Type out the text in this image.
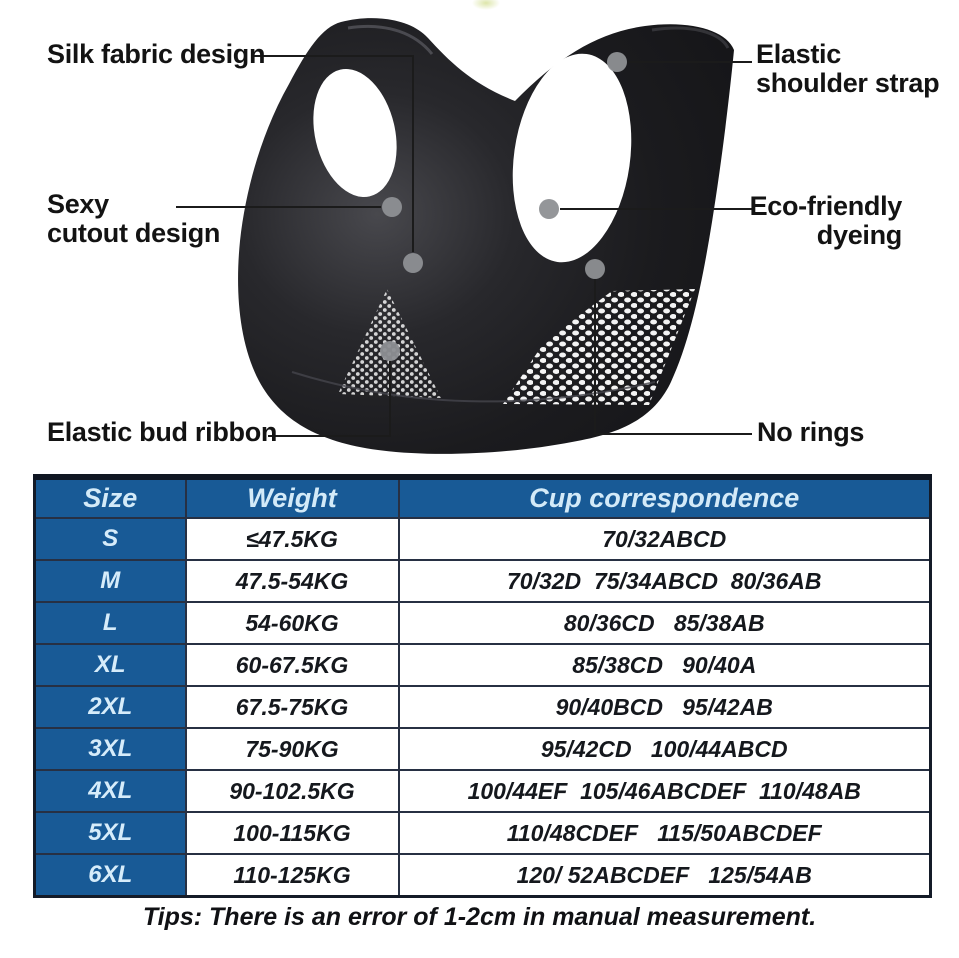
Silk fabric design
Sexy
cutout design
Elastic
shoulder strap
Eco-friendly
dyeing
Elastic bud ribbon	No rings
Size	Weight	Cup correspondence
S	≤47.5KG	70/32ABCD
M	47.5-54KG	70/32D  75/34ABCD  80/36AB
L	54-60KG	80/36CD   85/38AB
XL	60-67.5KG	85/38CD   90/40A
2XL	67.5-75KG	90/40BCD   95/42AB
3XL	75-90KG	95/42CD   100/44ABCD
4XL	90-102.5KG	100/44EF  105/46ABCDEF  110/48AB
5XL	100-115KG	110/48CDEF   115/50ABCDEF
6XL	110-125KG	120/ 52ABCDEF   125/54AB
Tips: There is an error of 1-2cm in manual measurement.
